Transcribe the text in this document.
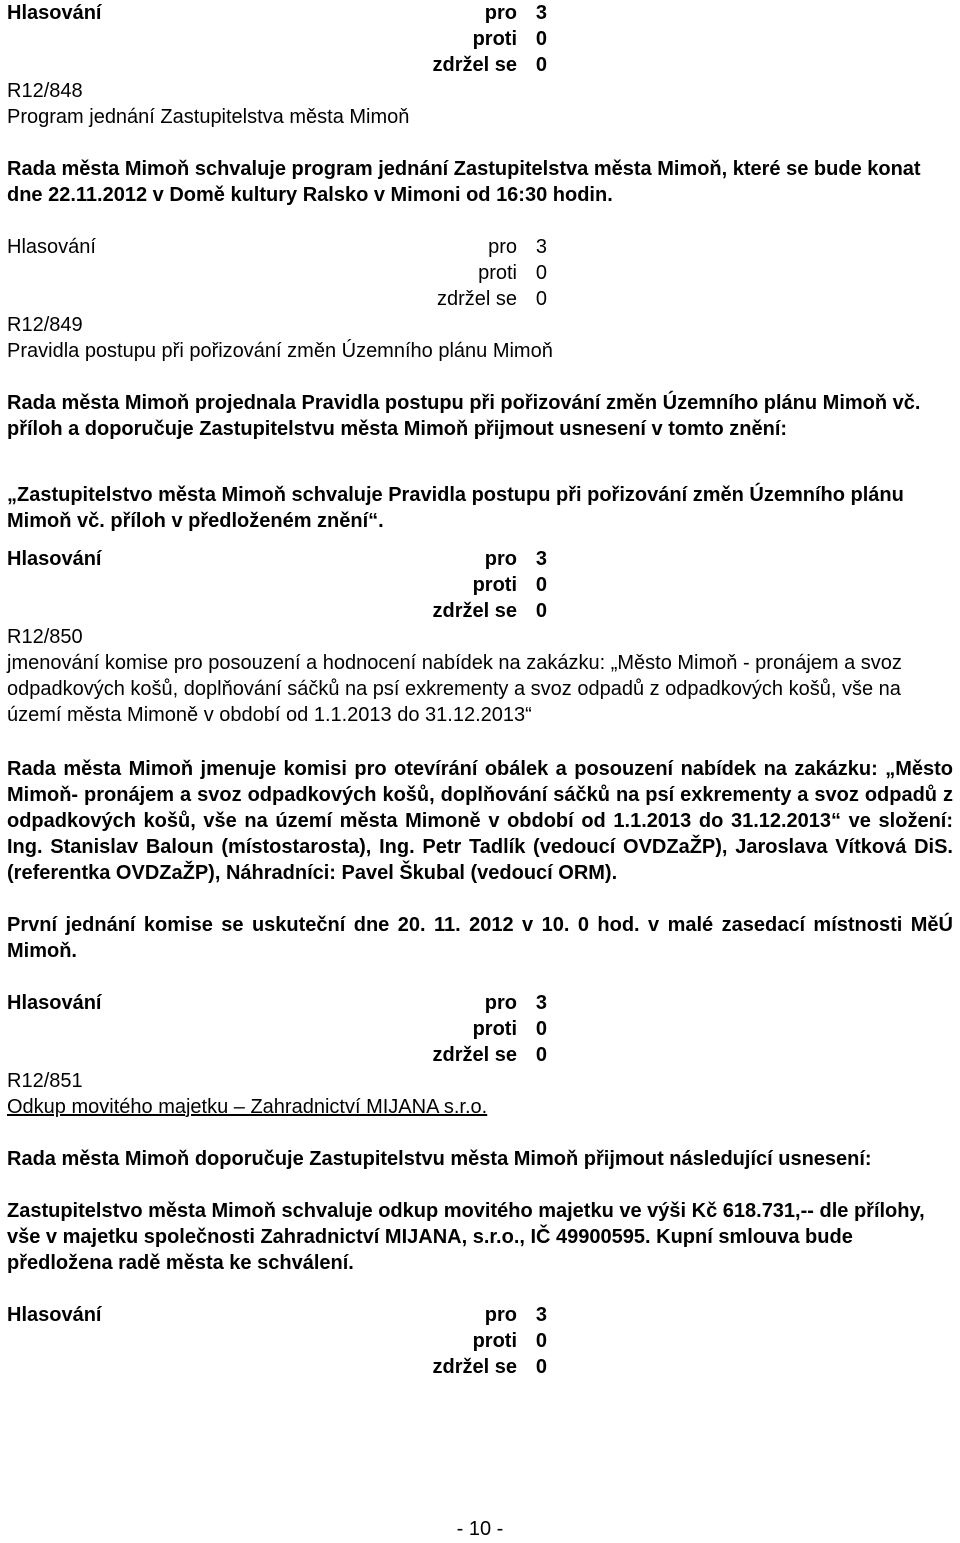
Hlasování	pro 3
proti 0
zdržel se 0
R12/848
Program jednání Zastupitelstva města Mimoň
Rada města Mimoň schvaluje program jednání Zastupitelstva města Mimoň, které se bude konat dne 22.11.2012 v Domě kultury Ralsko v Mimoni od 16:30 hodin.
Hlasování	pro 3
proti 0
zdržel se 0
R12/849
Pravidla postupu při pořizování změn Územního plánu Mimoň
Rada města Mimoň projednala Pravidla postupu při pořizování změn Územního plánu Mimoň vč. příloh a doporučuje Zastupitelstvu města Mimoň přijmout usnesení v tomto znění:
„Zastupitelstvo města Mimoň schvaluje Pravidla postupu při pořizování změn Územního plánu Mimoň vč. příloh v předloženém znění“.
Hlasování	pro 3
proti 0
zdržel se 0
R12/850
jmenování komise pro posouzení a hodnocení nabídek na zakázku: „Město Mimoň - pronájem a svoz odpadkových košů, doplňování sáčků na psí exkrementy a svoz odpadů z odpadkových košů, vše na území města Mimoně v období od 1.1.2013 do 31.12.2013“
Rada města Mimoň jmenuje komisi pro otevírání obálek a posouzení nabídek na zakázku: „Město Mimoň- pronájem a svoz odpadkových košů, doplňování sáčků na psí exkrementy a svoz odpadů z odpadkových košů, vše na území města Mimoně v období od 1.1.2013 do 31.12.2013“ ve složení: Ing. Stanislav Baloun (místostarosta), Ing. Petr Tadlík (vedoucí OVDZaŽP), Jaroslava Vítková DiS. (referentka OVDZaŽP), Náhradníci: Pavel Škubal (vedoucí ORM).
První jednání komise se uskuteční dne 20. 11. 2012 v 10. 0 hod. v malé zasedací místnosti MěÚ Mimoň.
Hlasování	pro 3
proti 0
zdržel se 0
R12/851
Odkup movitého majetku – Zahradnictví MIJANA s.r.o.
Rada města Mimoň doporučuje Zastupitelstvu města Mimoň přijmout následující usnesení:
Zastupitelstvo města Mimoň schvaluje odkup movitého majetku ve výši Kč 618.731,-- dle přílohy, vše v majetku společnosti Zahradnictví MIJANA, s.r.o., IČ 49900595. Kupní smlouva bude předložena radě města ke schválení.
Hlasování	pro 3
proti 0
zdržel se 0
- 10 -
